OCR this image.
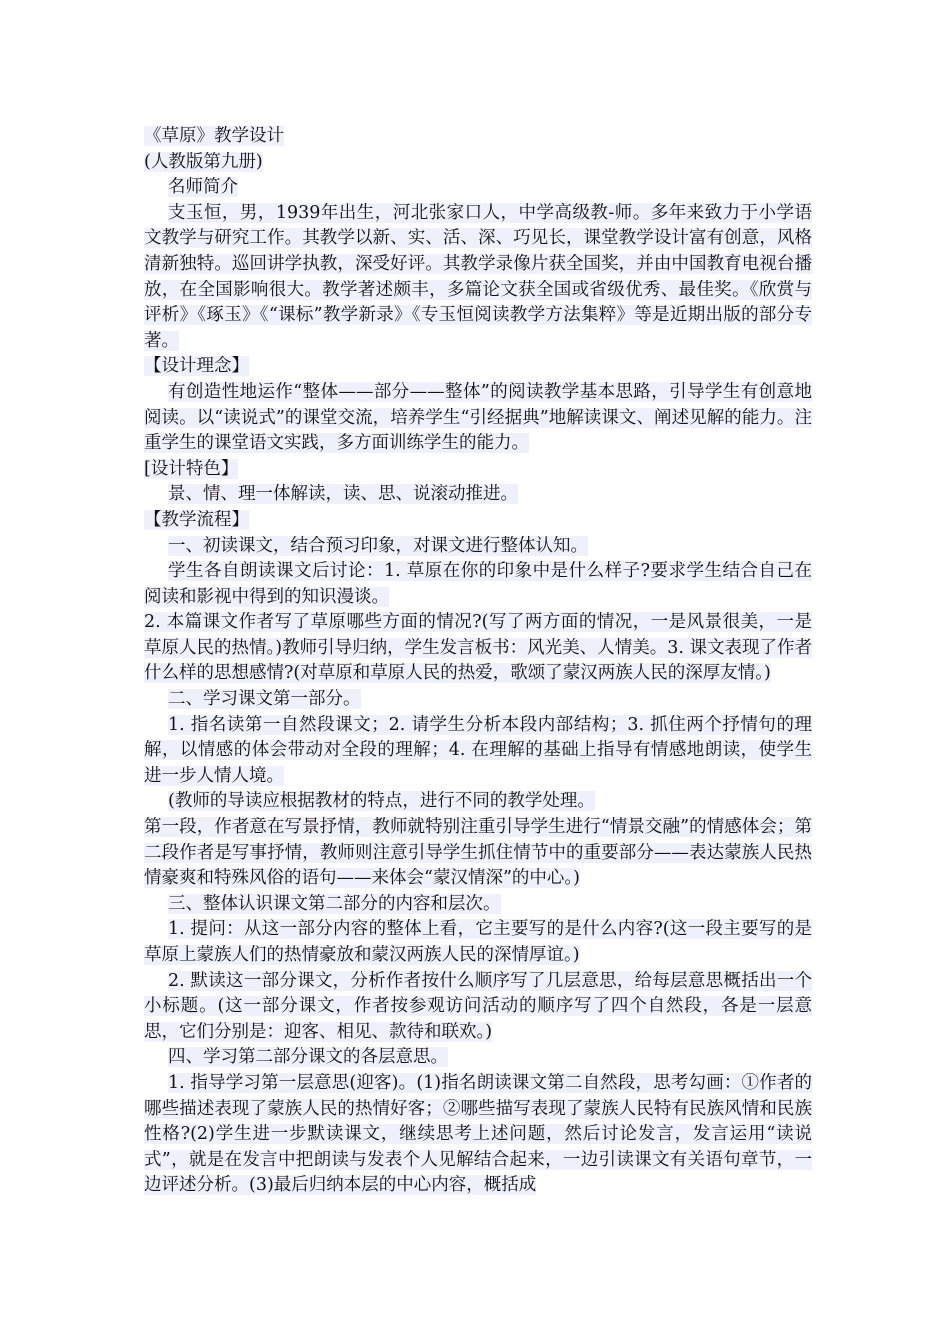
《草原》教学设计

(人教版第九册)

名师简介

支玉恒，男，1939年出生，河北张家口人，中学高级教-师。多年来致力于小学语文教学与研究工作。其教学以新、实、活、深、巧见长，课堂教学设计富有创意，风格清新独特。巡回讲学执教，深受好评。其教学录像片获全国奖，并由中国教育电视台播放，在全国影响很大。教学著述颇丰，多篇论文获全国或省级优秀、最佳奖。《欣赏与评析》《琢玉》《“课标”教学新录》《专玉恒阅读教学方法集粹》等是近期出版的部分专著。

【设计理念】

有创造性地运作“整体——部分——整体”的阅读教学基本思路，引导学生有创意地阅读。以“读说式”的课堂交流，培养学生“引经据典”地解读课文、阐述见解的能力。注重学生的课堂语文实践，多方面训练学生的能力。

[设计特色】

景、情、理一体解读，读、思、说滚动推进。

【教学流程】

一、初读课文，结合预习印象，对课文进行整体认知。

学生各自朗读课文后讨论：1. 草原在你的印象中是什么样子?要求学生结合自己在阅读和影视中得到的知识漫谈。

2. 本篇课文作者写了草原哪些方面的情况?(写了两方面的情况，一是风景很美，一是草原人民的热情。)教师引导归纳，学生发言板书：风光美、人情美。3. 课文表现了作者什么样的思想感情?(对草原和草原人民的热爱，歌颂了蒙汉两族人民的深厚友情。)

二、学习课文第一部分。

1. 指名读第一自然段课文；2. 请学生分析本段内部结构；3. 抓住两个抒情句的理解，以情感的体会带动对全段的理解；4. 在理解的基础上指导有情感地朗读，使学生进一步人情人境。

(教师的导读应根据教材的特点，进行不同的教学处理。

第一段，作者意在写景抒情，教师就特别注重引导学生进行“情景交融”的情感体会；第二段作者是写事抒情，教师则注意引导学生抓住情节中的重要部分——表达蒙族人民热情豪爽和特殊风俗的语句——来体会“蒙汉情深”的中心。)

三、整体认识课文第二部分的内容和层次。

1. 提问：从这一部分内容的整体上看，它主要写的是什么内容?(这一段主要写的是草原上蒙族人们的热情豪放和蒙汉两族人民的深情厚谊。)

2. 默读这一部分课文，分析作者按什么顺序写了几层意思，给每层意思概括出一个小标题。(这一部分课文，作者按参观访问活动的顺序写了四个自然段，各是一层意思，它们分别是：迎客、相见、款待和联欢。)

四、学习第二部分课文的各层意思。

1. 指导学习第一层意思(迎客)。(1)指名朗读课文第二自然段，思考勾画：①作者的哪些描述表现了蒙族人民的热情好客；②哪些描写表现了蒙族人民特有民族风情和民族性格?(2)学生进一步默读课文，继续思考上述问题，然后讨论发言，发言运用“读说式”，就是在发言中把朗读与发表个人见解结合起来，一边引读课文有关语句章节，一边评述分析。(3)最后归纳本层的中心内容，概括成
